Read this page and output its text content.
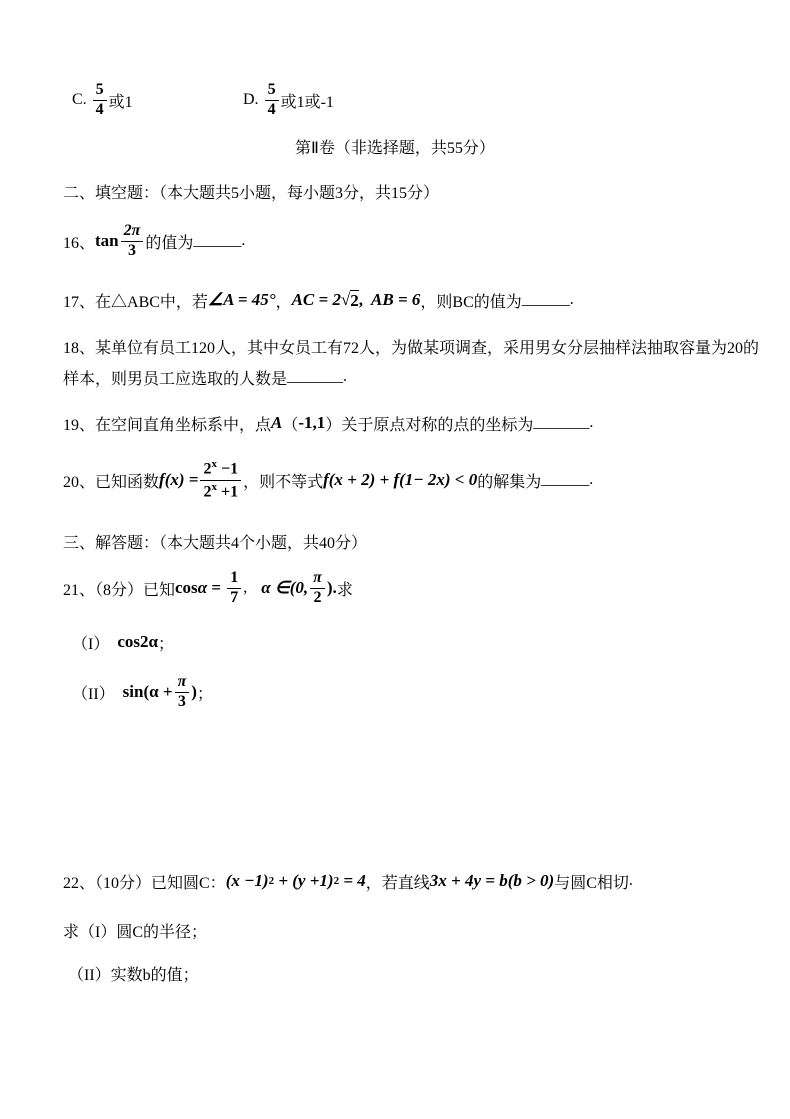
C. $\frac{5}{4}$ 或1	D. $\frac{5}{4}$ 或1或-1
第Ⅱ卷（非选择题，共55分）
二、填空题：（本大题共5小题，每小题3分，共15分）
16、 $\tan \frac{2\pi}{3}$ 的值为 ______ .
17、 在△ABC中，若 ∠A = 45° ， AC = 2 √ 2 , AB = 6 ，则BC的值为 ______ .
18、 某单位有员工120人，其中女员工有72人，为做某项调查，采用男女分层抽样法抽取容量为20的
样本，则男员工应选取的人数是 _______ .
19、 在空间直角坐标系中，点 A （ -1,1 ）关于原点对称的点的坐标为 _______ .
20、 已知函数 $f(x) = \frac{2^x -1}{2^x +1}$ ， 则不等式 f(x + 2) + f(1− 2x) < 0 的解集为 ______ .
三、解答题：（本大题共4个小题，共40分）
21、（8分）已知 $\cos \alpha = \frac{1}{7}$ , α ∈(0, $\frac{\pi}{2}$ ). 求
（I） cos2α ；
（II） $\sin(\alpha + \frac{\pi}{3}$ ) ；
22、（10分）已知圆C： (x −1) 2 + (y +1) 2 = 4 ， 若直线 3x + 4y = b(b > 0) 与圆C相切 .
求（I）圆C的半径；
（II）实数b的值；
